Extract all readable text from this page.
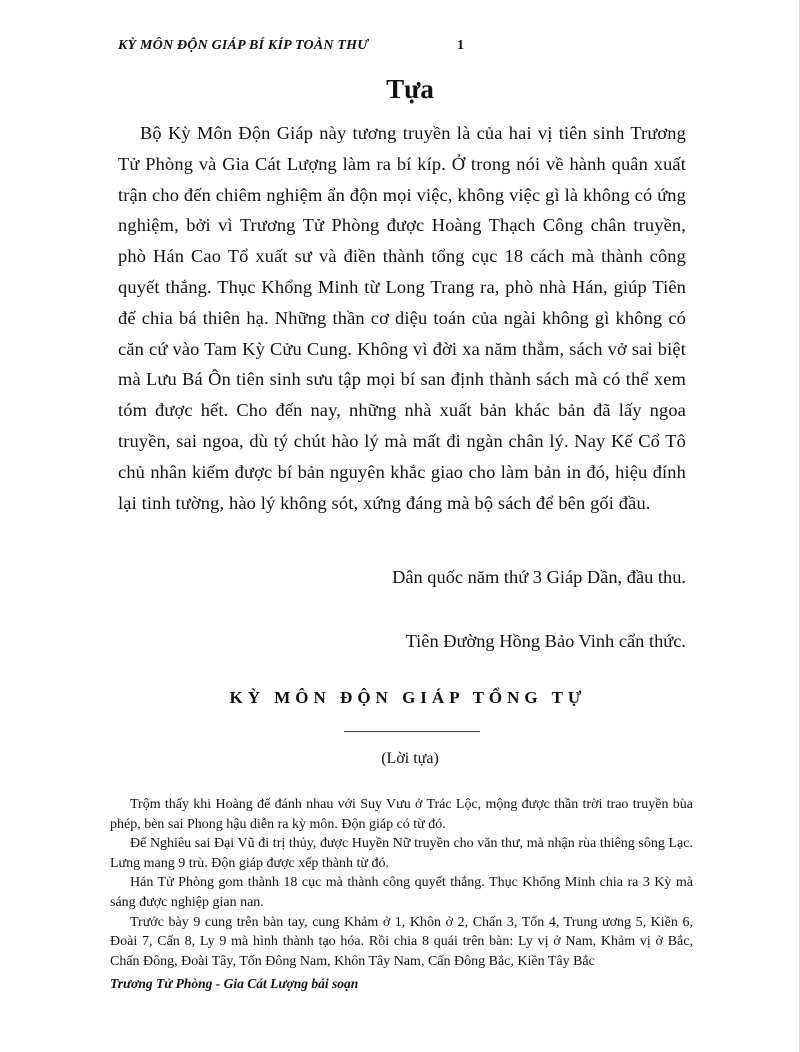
KỲ MÔN ĐỘN GIÁP BÍ KÍP TOÀN THƯ	1
Tựa

Bộ Kỳ Môn Độn Giáp này tương truyền là của hai vị tiên sinh Trương Tử Phòng và Gia Cát Lượng làm ra bí kíp. Ở trong nói về hành quân xuất trận cho đến chiêm nghiệm ẩn độn mọi việc, không việc gì là không có ứng nghiệm, bởi vì Trương Tử Phòng được Hoàng Thạch Công chân truyền, phò Hán Cao Tổ xuất sư và điền thành tổng cục 18 cách mà thành công quyết thắng. Thục Khổng Minh từ Long Trang ra, phò nhà Hán, giúp Tiên đế chia bá thiên hạ. Những thần cơ diệu toán của ngài không gì không có căn cứ vào Tam Kỳ Cửu Cung. Không vì đời xa năm thẳm, sách vở sai biệt mà Lưu Bá Ôn tiên sinh sưu tập mọi bí san định thành sách mà có thể xem tóm được hết. Cho đến nay, những nhà xuất bản khác bản đã lấy ngoa truyền, sai ngoa, dù tý chút hào lý mà mất đi ngàn chân lý. Nay Kế Cổ Tô chủ nhân kiếm được bí bản nguyên khắc giao cho làm bản in đó, hiệu đính lại tinh tường, hào lý không sót, xứng đáng mà bộ sách để bên gối đầu.

Dân quốc năm thứ 3 Giáp Dần, đầu thu.
Tiên Đường Hồng Bảo Vinh cẩn thức.
KỲ MÔN ĐỘN GIÁP TỔNG TỰ
(Lời tựa)

Trộm thấy khi Hoàng đế đánh nhau với Suy Vưu ở Trác Lộc, mộng được thần trời trao truyền bùa phép, bèn sai Phong hậu diễn ra kỳ môn. Độn giáp có từ đó.

Đế Nghiêu sai Đại Vũ đi trị thủy, được Huyền Nữ truyền cho văn thư, mà nhận rùa thiêng sông Lạc. Lưng mang 9 trù. Độn giáp được xếp thành từ đó.

Hán Tử Phòng gom thành 18 cục mà thành công quyết thắng. Thục Khổng Minh chia ra 3 Kỳ mà sáng được nghiệp gian nan.

Trước bày 9 cung trên bàn tay, cung Khảm ở 1, Khôn ở 2, Chấn 3, Tốn 4, Trung ương 5, Kiền 6, Đoài 7, Cấn 8, Ly 9 mà hình thành tạo hóa. Rồi chia 8 quái trên bàn: Ly vị ở Nam, Khảm vị ở Bắc, Chấn Đông, Đoài Tây, Tốn Đông Nam, Khôn Tây Nam, Cấn Đông Bắc, Kiền Tây Bắc

Trương Tử Phòng - Gia Cát Lượng bái soạn
